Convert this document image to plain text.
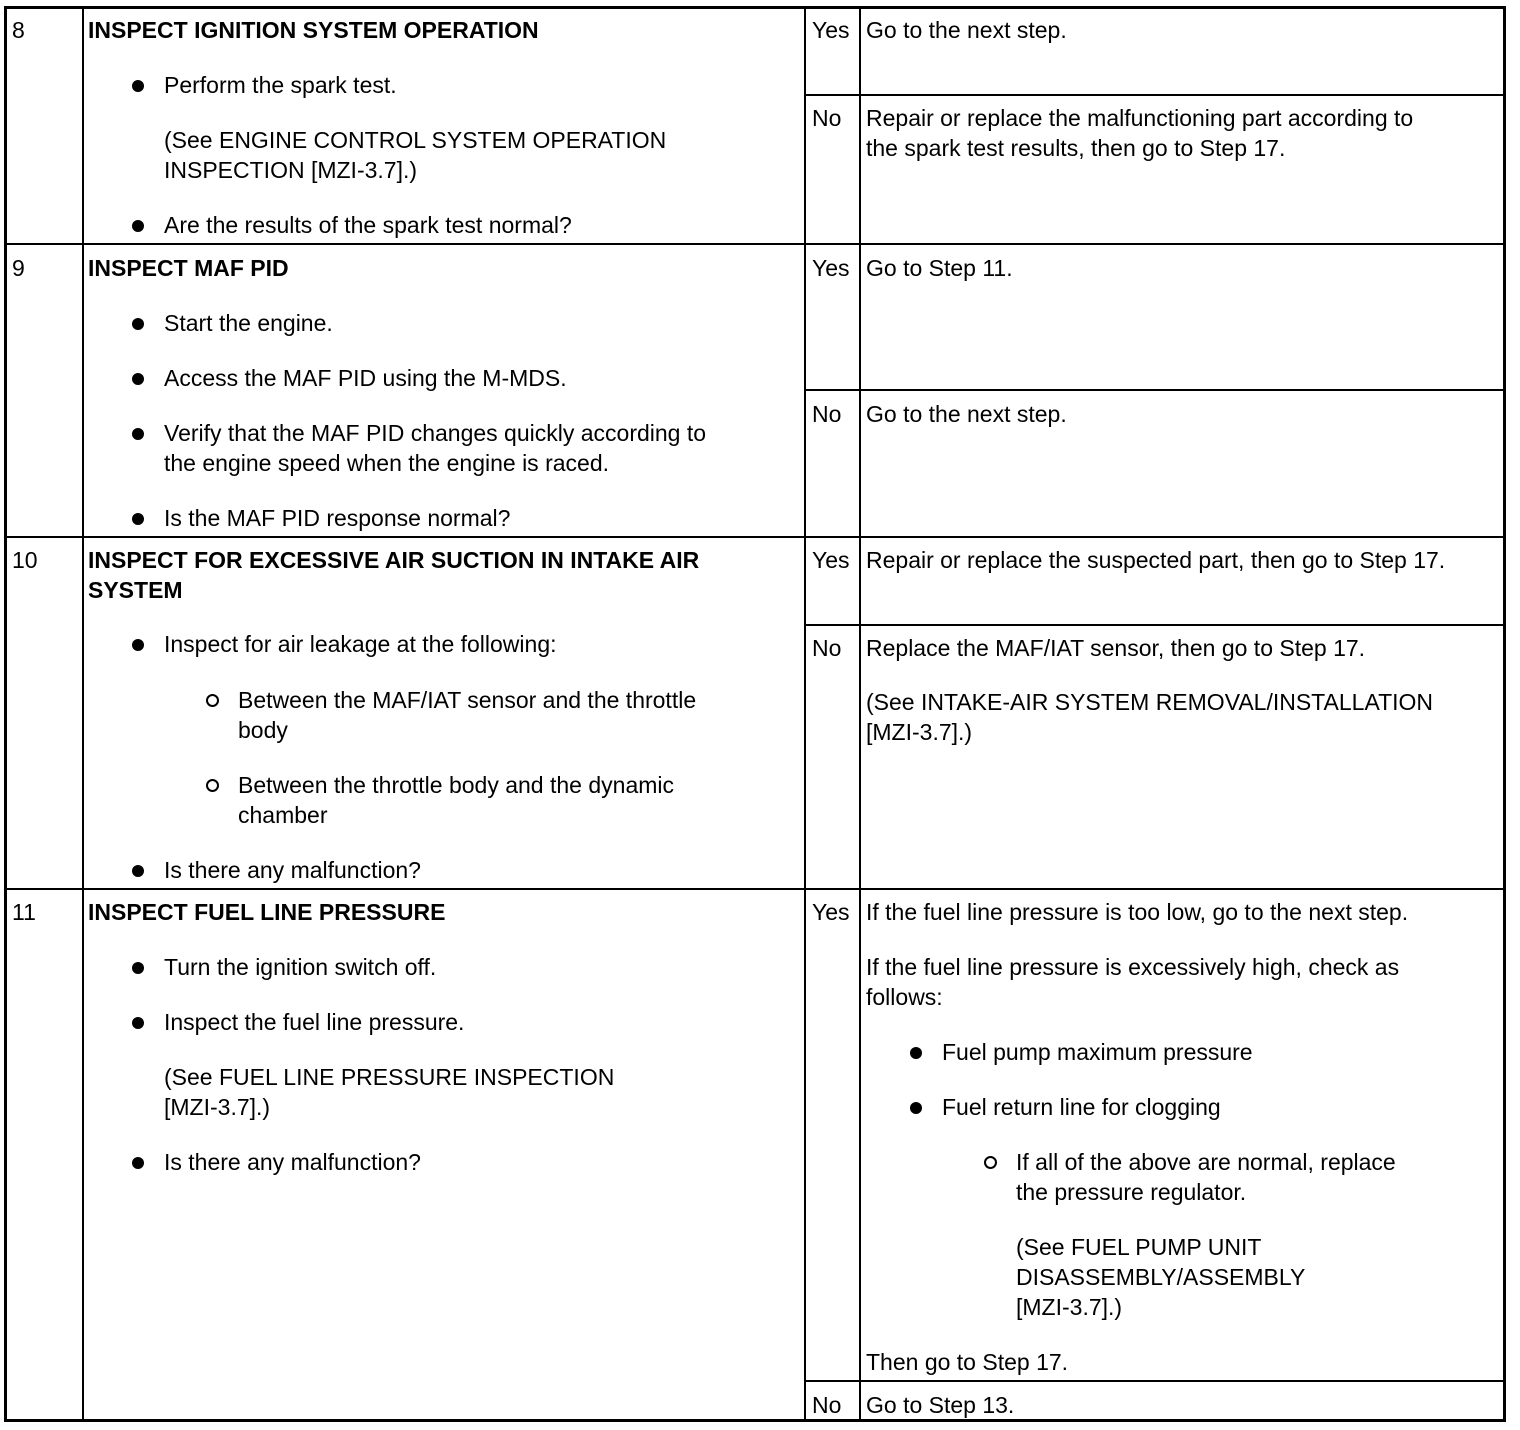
8	INSPECT IGNITION SYSTEM OPERATION
Perform the spark test.
(See ENGINE CONTROL SYSTEM OPERATION
INSPECTION [MZI-3.7].)
Are the results of the spark test normal?
Yes Go to the next step.
No Repair or replace the malfunctioning part according to
the spark test results, then go to Step 17.
9	INSPECT MAF PID
Start the engine.
Access the MAF PID using the M-MDS.
Verify that the MAF PID changes quickly according to
the engine speed when the engine is raced.
Is the MAF PID response normal?
Yes Go to Step 11.
No Go to the next step.
10 INSPECT FOR EXCESSIVE AIR SUCTION IN INTAKE AIR
SYSTEM
Inspect for air leakage at the following:
Between the MAF/IAT sensor and the throttle
body
Between the throttle body and the dynamic
chamber
Is there any malfunction?
Yes Repair or replace the suspected part, then go to Step 17.
No Replace the MAF/IAT sensor, then go to Step 17.
(See INTAKE-AIR SYSTEM REMOVAL/INSTALLATION
[MZI-3.7].)
11 INSPECT FUEL LINE PRESSURE
Turn the ignition switch off.
Inspect the fuel line pressure.
(See FUEL LINE PRESSURE INSPECTION
[MZI-3.7].)
Is there any malfunction?
Yes If the fuel line pressure is too low, go to the next step.
If the fuel line pressure is excessively high, check as
follows:
Fuel pump maximum pressure
Fuel return line for clogging
If all of the above are normal, replace
the pressure regulator.
(See FUEL PUMP UNIT
DISASSEMBLY/ASSEMBLY
[MZI-3.7].)
Then go to Step 17.
No Go to Step 13.
